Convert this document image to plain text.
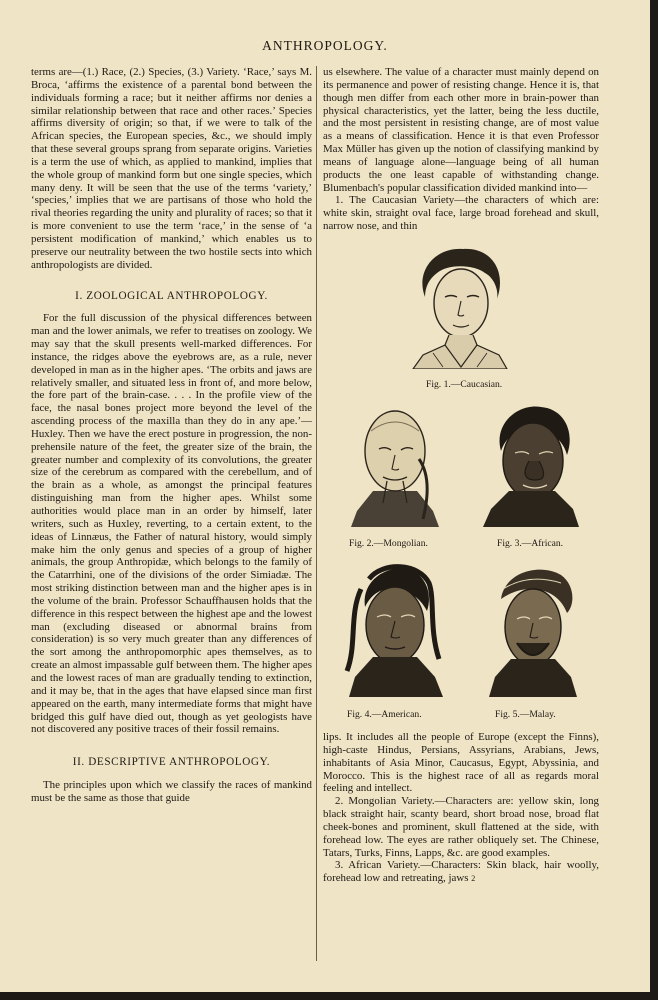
ANTHROPOLOGY.

terms are—(1.) Race, (2.) Species, (3.) Variety. ‘Race,’ says M. Broca, ‘affirms the existence of a parental bond between the individuals forming a race; but it neither affirms nor denies a similar relationship between that race and other races.’ Species affirms diversity of origin; so that, if we were to talk of the African species, the European species, &c., we should imply that these several groups sprang from separate origins. Varieties is a term the use of which, as applied to mankind, implies that the whole group of mankind form but one single species, which many deny. It will be seen that the use of the terms ‘variety,’ ‘species,’ implies that we are partisans of those who hold the rival theories regarding the unity and plurality of races; so that it is more convenient to use the term ‘race,’ in the sense of ‘a persistent modification of mankind,’ which enables us to preserve our neutrality between the two hostile sects into which anthropologists are divided.

I. ZOOLOGICAL ANTHROPOLOGY.

For the full discussion of the physical differences between man and the lower animals, we refer to treatises on zoology. We may say that the skull presents well-marked differences. For instance, the ridges above the eyebrows are, as a rule, never developed in man as in the higher apes. ‘The orbits and jaws are relatively smaller, and situated less in front of, and more below, the fore part of the brain-case. . . . In the profile view of the face, the nasal bones project more beyond the level of the ascending process of the maxilla than they do in any ape.’—Huxley. Then we have the erect posture in progression, the non-prehensile nature of the feet, the greater size of the brain, the greater number and complexity of its convolutions, the greater size of the cerebrum as compared with the cerebellum, and of the brain as a whole, as amongst the principal features distinguishing man from the higher apes. Whilst some authorities would place man in an order by himself, later writers, such as Huxley, reverting, to a certain extent, to the ideas of Linnæus, the Father of natural history, would simply make him the only genus and species of a group of higher animals, the group Anthropidæ, which belongs to the family of the Catarrhini, one of the divisions of the order Simiadæ. The most striking distinction between man and the higher apes is in the volume of the brain. Professor Schauffhausen holds that the difference in this respect between the highest ape and the lowest man (excluding diseased or abnormal brains from consideration) is so very much greater than any differences of the sort among the anthropomorphic apes themselves, as to create an almost impassable gulf between them. The higher apes and the lowest races of man are gradually tending to extinction, and it may be, that in the ages that have elapsed since man first appeared on the earth, many intermediate forms that might have bridged this gulf have died out, though as yet geologists have not discovered any positive traces of their fossil remains.

II. DESCRIPTIVE ANTHROPOLOGY.

The principles upon which we classify the races of mankind must be the same as those that guide

us elsewhere. The value of a character must mainly depend on its permanence and power of resisting change. Hence it is, that though men differ from each other more in brain-power than physical characteristics, yet the latter, being the less ductile, and the most persistent in resisting change, are of most value as a means of classification. Hence it is that even Professor Max Müller has given up the notion of classifying mankind by means of language alone—language being of all human products the one least capable of withstanding change. Blumenbach's popular classification divided mankind into—

1. The Caucasian Variety—the characters of which are: white skin, straight oval face, large broad forehead and skull, narrow nose, and thin

Fig. 1.—Caucasian.
Fig. 2.—Mongolian.	Fig. 3.—African.
Fig. 4.—American.	Fig. 5.—Malay.

lips. It includes all the people of Europe (except the Finns), high-caste Hindus, Persians, Assyrians, Arabians, Jews, inhabitants of Asia Minor, Caucasus, Egypt, Abyssinia, and Morocco. This is the highest race of all as regards moral feeling and intellect.

2. Mongolian Variety.—Characters are: yellow skin, long black straight hair, scanty beard, short broad nose, broad flat cheek-bones and prominent, skull flattened at the side, with forehead low. The eyes are rather obliquely set. The Chinese, Tatars, Turks, Finns, Lapps, &c. are good examples.

3. African Variety.—Characters: Skin black, hair woolly, forehead low and retreating, jaws 2
